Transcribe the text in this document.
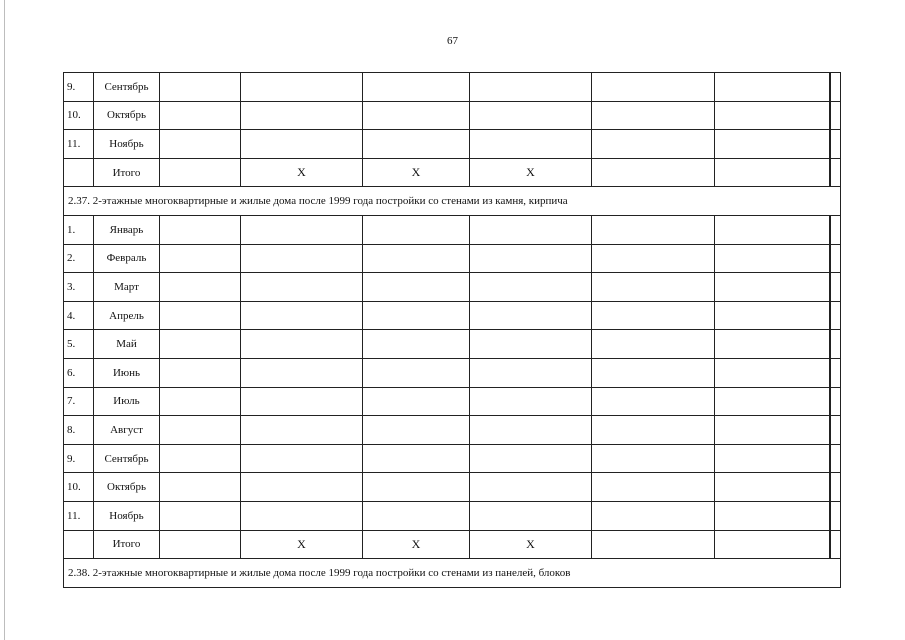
67
9.	Сентябрь								
10.	Октябрь								
11.	Ноябрь								
	Итого		X	X	X				
2.37. 2-этажные многоквартирные и жилые дома после 1999 года постройки со стенами из камня, кирпича								
1.	Январь								
2.	Февраль								
3.	Март								
4.	Апрель								
5.	Май								
6.	Июнь								
7.	Июль								
8.	Август								
9.	Сентябрь								
10.	Октябрь								
11.	Ноябрь								
	Итого		X	X	X				
2.38. 2-этажные многоквартирные и жилые дома после 1999 года постройки со стенами из панелей, блоков								
